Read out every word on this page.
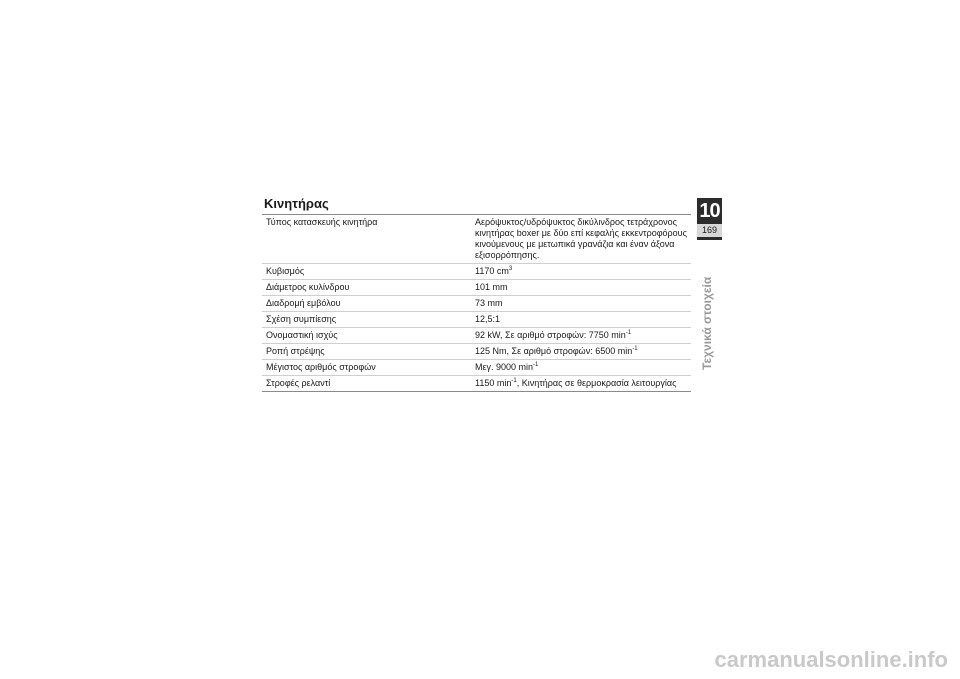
Κινητήρας
Τύπος κατασκευής κινητήρα	Αερόψυκτος/υδρόψυκτος δικύλινδρος τετράχρονος κινητήρας boxer με δύο επί κεφαλής εκκεντροφόρους κινούμενους με μετωπικά γρανάζια και έναν άξονα εξισορρόπησης.
Κυβισμός	1170 $cm^3$
Διάμετρος κυλίνδρου	101 mm
Διαδρομή εμβόλου	73 mm
Σχέση συμπίεσης	12,5:1
Ονομαστική ισχύς	92 kW, Σε αριθμό στροφών: 7750 $\min^{-1}$
Ροπή στρέψης	125 Nm, Σε αριθμό στροφών: 6500 $\min^{-1}$
Μέγιστος αριθμός στροφών	Μεγ. 9000 $\min^{-1}$
Στροφές ρελαντί	1150 $\min^{-1}$, Κινητήρας σε θερμοκρασία λειτουργίας
10
169
Τεχνικά στοιχεία
carmanualsonline.info
